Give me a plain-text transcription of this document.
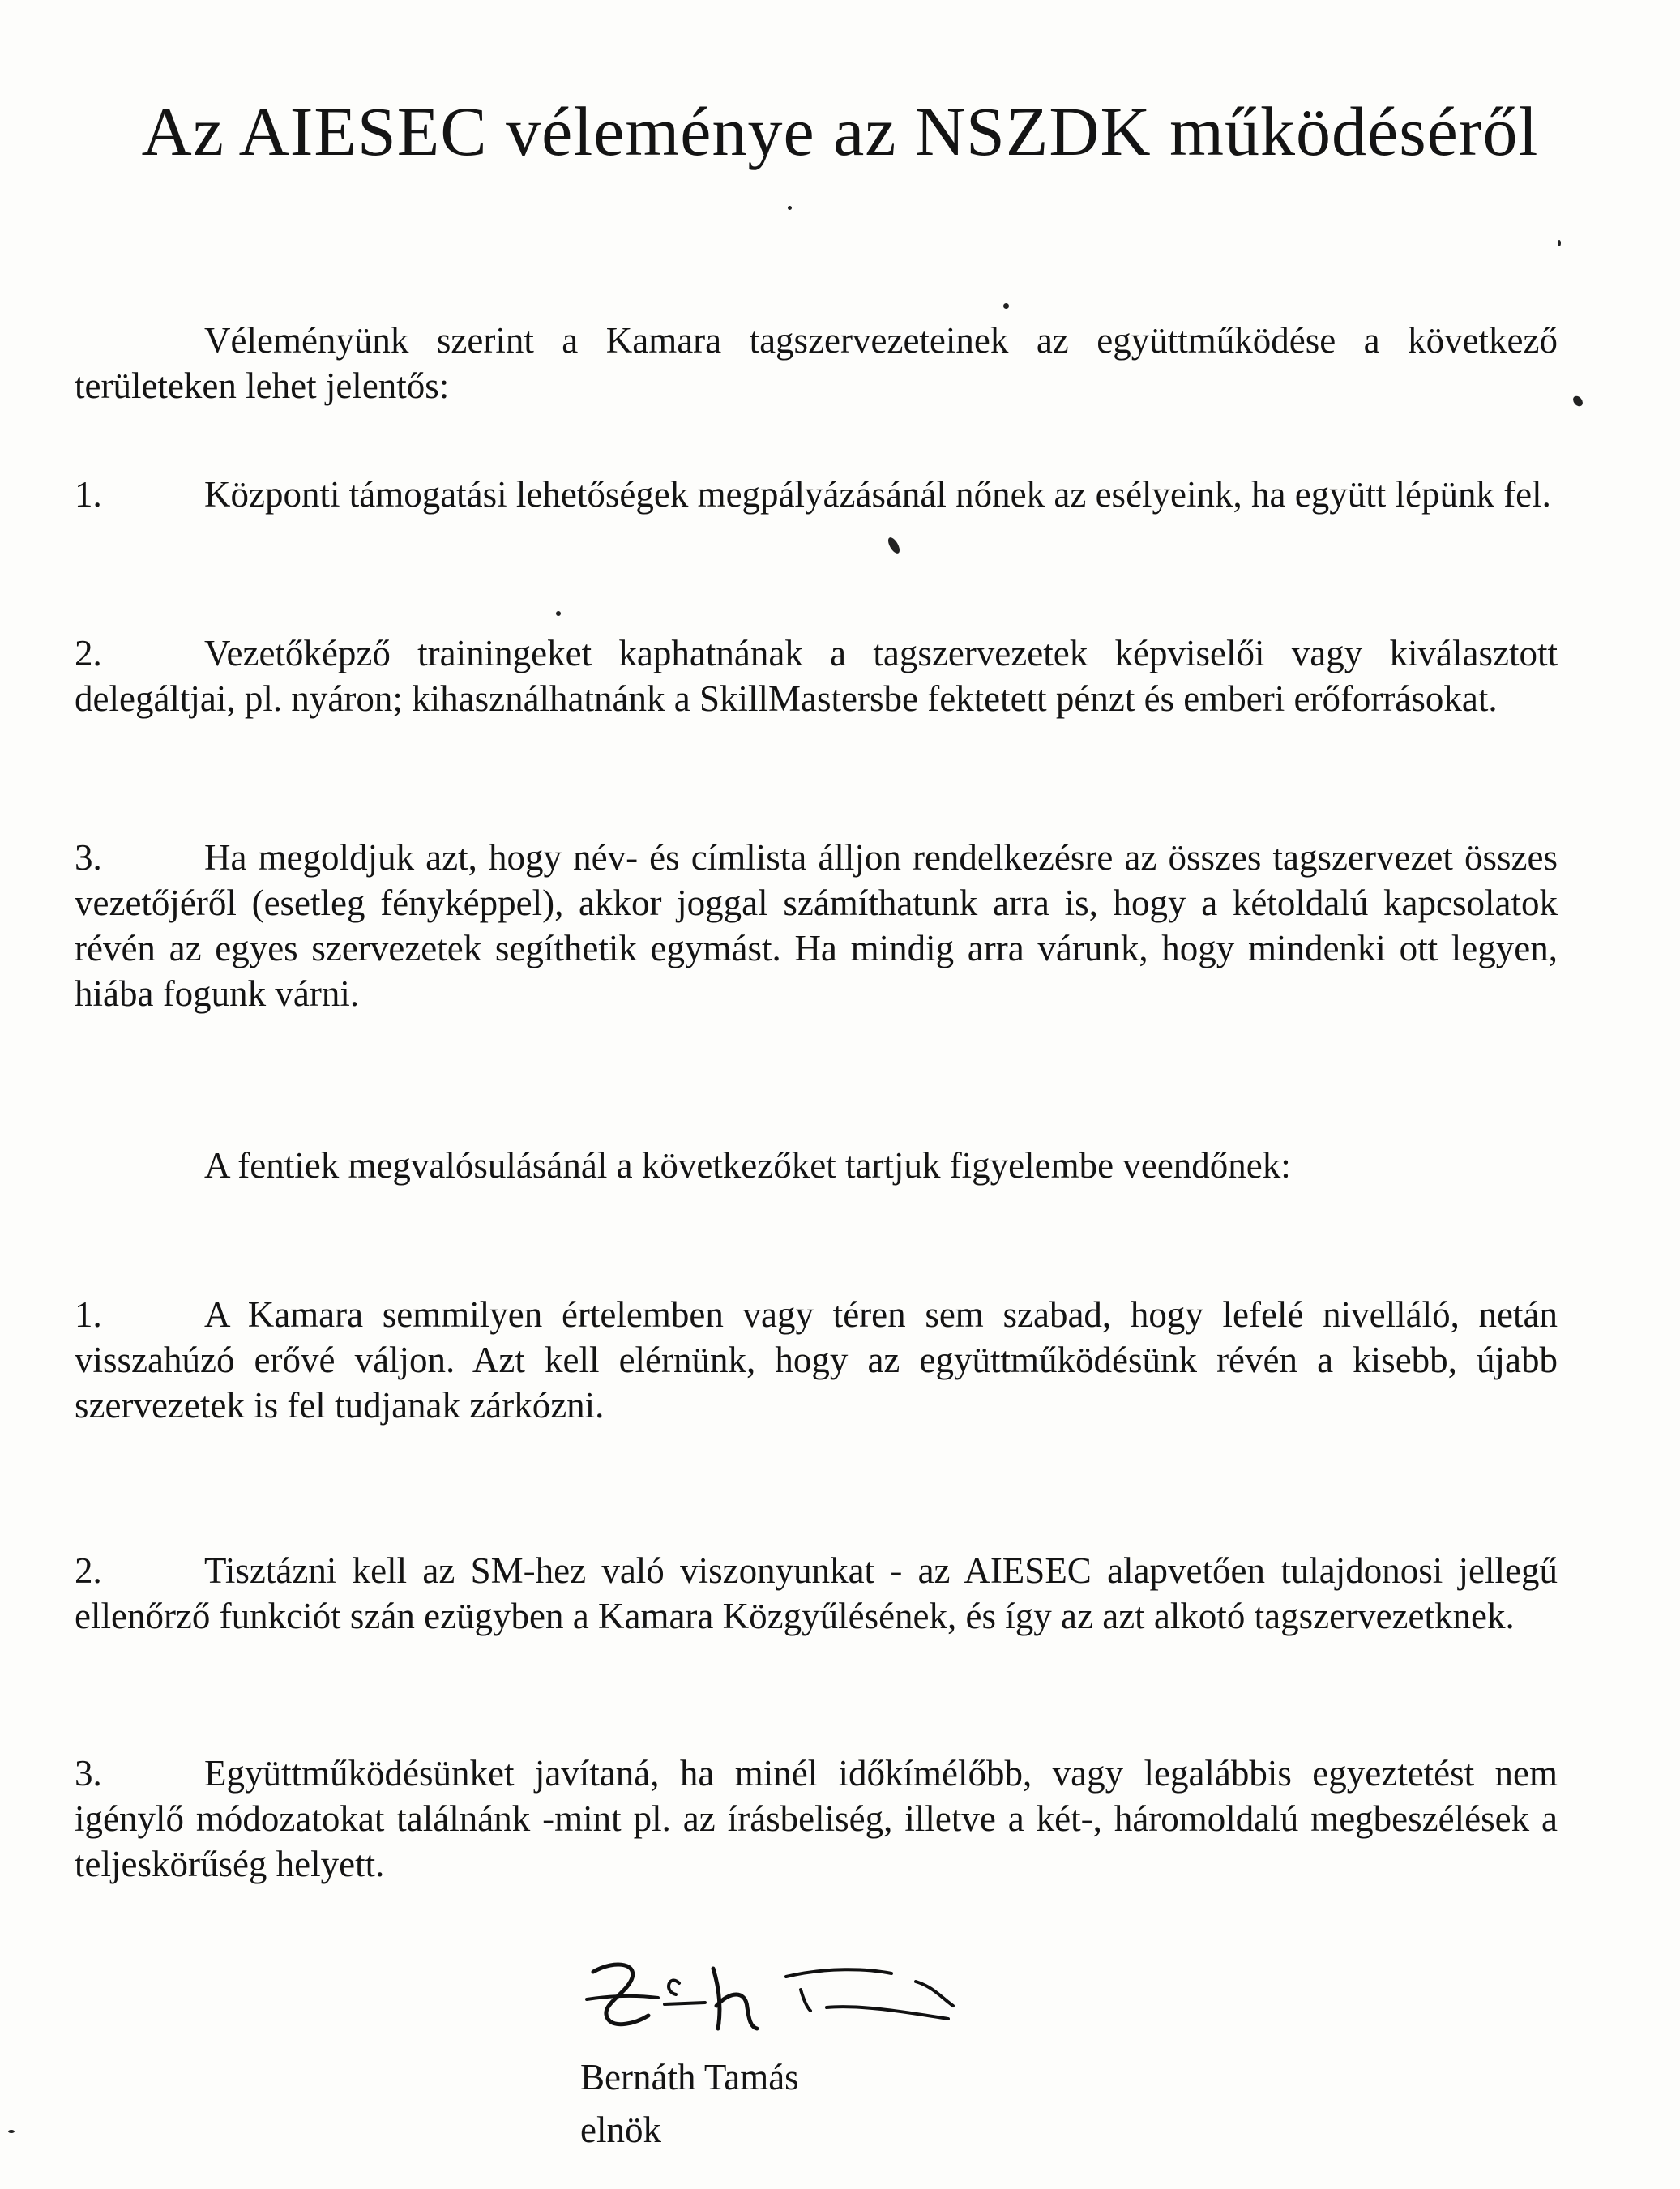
Az AIESEC véleménye az NSZDK működéséről

Véleményünk szerint a Kamara tagszervezeteinek az együttműködése a következő területeken lehet jelentős:

1.	Központi támogatási lehetőségek megpályázásánál nőnek az esélyeink, ha együtt lépünk fel.

2.	Vezetőképző trainingeket kaphatnának a tagszervezetek képviselői vagy kiválasztott delegáltjai, pl. nyáron; kihasználhatnánk a SkillMastersbe fektetett pénzt és emberi erőforrásokat.

3.	Ha megoldjuk azt, hogy név- és címlista álljon rendelkezésre az összes tagszervezet összes vezetőjéről (esetleg fényképpel), akkor joggal számíthatunk arra is, hogy a kétoldalú kapcsolatok révén az egyes szervezetek segíthetik egymást. Ha mindig arra várunk, hogy mindenki ott legyen, hiába fogunk várni.

A fentiek megvalósulásánál a következőket tartjuk figyelembe veendőnek:

1.	A Kamara semmilyen értelemben vagy téren sem szabad, hogy lefelé nivelláló, netán visszahúzó erővé váljon. Azt kell elérnünk, hogy az együttműködésünk révén a kisebb, újabb szervezetek is fel tudjanak zárkózni.

2.	Tisztázni kell az SM-hez való viszonyunkat - az AIESEC alapvetően tulajdonosi jellegű ellenőrző funkciót szán ezügyben a Kamara Közgyűlésének, és így az azt alkotó tagszervezetknek.

3.	Együttműködésünket javítaná, ha minél időkímélőbb, vagy legalábbis egyeztetést nem igénylő módozatokat találnánk -mint pl. az írásbeliség, illetve a két-, háromoldalú megbeszélések a teljeskörűség helyett.

Bernáth Tamás

elnök
